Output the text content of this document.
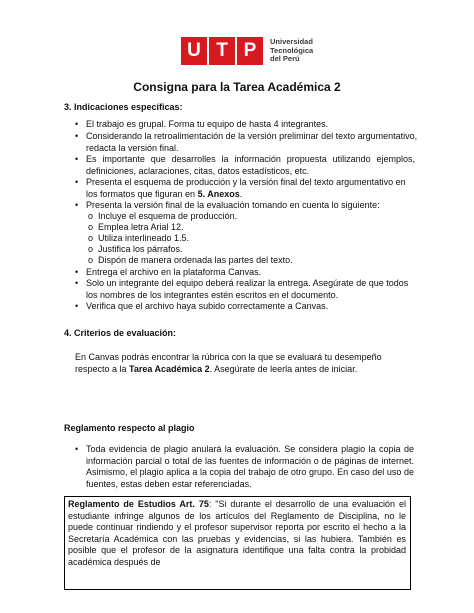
U T P	Universidad
Tecnológica
del Perú
Consigna para la Tarea Académica 2
3. Indicaciones específicas:
• El trabajo es grupal. Forma tu equipo de hasta 4 integrantes.
• Considerando la retroalimentación de la versión preliminar del texto argumentativo, redacta la versión final.
• Es importante que desarrolles la información propuesta utilizando ejemplos, definiciones, aclaraciones, citas, datos estadísticos, etc.
• Presenta el esquema de producción y la versión final del texto argumentativo en los formatos que figuran en 5. Anexos.
• Presenta la versión final de la evaluación tomando en cuenta lo siguiente:
o Incluye el esquema de producción.
o Emplea letra Arial 12.
o Utiliza interlineado 1.5.
o Justifica los párrafos.
o Dispón de manera ordenada las partes del texto.
• Entrega el archivo en la plataforma Canvas.
• Solo un integrante del equipo deberá realizar la entrega. Asegúrate de que todos los nombres de los integrantes estén escritos en el documento.
• Verifica que el archivo haya subido correctamente a Canvas.
4. Criterios de evaluación:
En Canvas podrás encontrar la rúbrica con la que se evaluará tu desempeño respecto a la Tarea Académica 2. Asegúrate de leerla antes de iniciar.
Reglamento respecto al plagio
• Toda evidencia de plagio anulará la evaluación. Se considera plagio la copia de información parcial o total de las fuentes de información o de páginas de internet. Asimismo, el plagio aplica a la copia del trabajo de otro grupo. En caso del uso de fuentes, estas deben estar referenciadas.
Reglamento de Estudios Art. 75: "Si durante el desarrollo de una evaluación el estudiante infringe algunos de los artículos del Reglamento de Disciplina, no le puede continuar rindiendo y el profesor supervisor reporta por escrito el hecho a la Secretaría Académica con las pruebas y evidencias, si las hubiera. También es posible que el profesor de la asignatura identifique una falta contra la probidad académica después de
